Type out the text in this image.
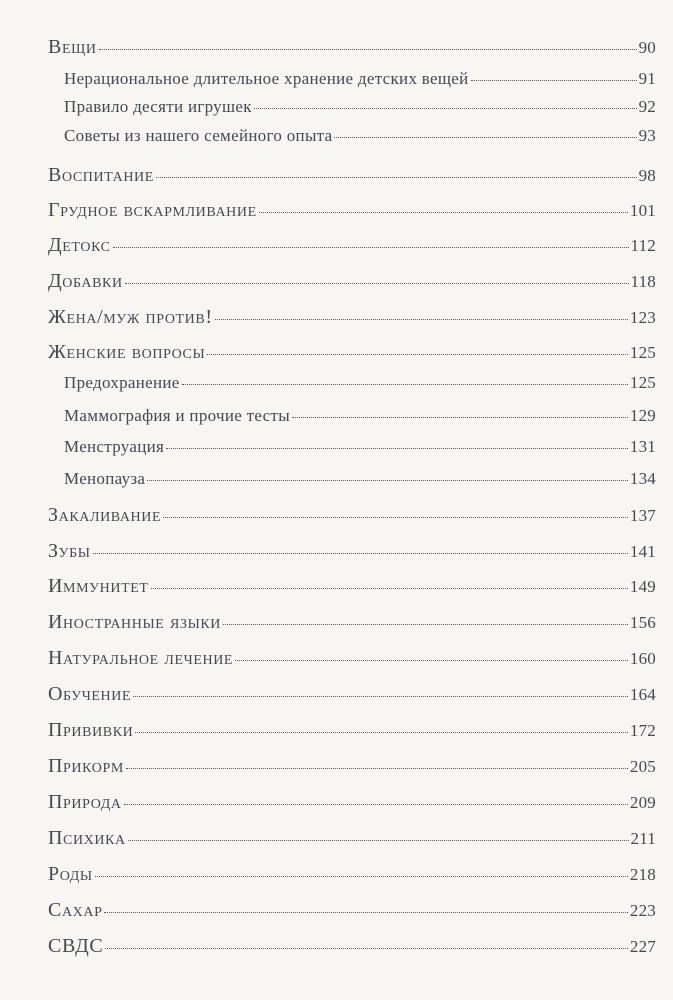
Вещи	90
Нерациональное длительное хранение детских вещей	91
Правило десяти игрушек	92
Советы из нашего семейного опыта	93
Воспитание	98
Грудное вскармливание	101
Детокс	112
Добавки	118
Жена/муж против!	123
Женские вопросы	125
Предохранение	125
Маммография и прочие тесты	129
Менструация	131
Менопауза	134
Закаливание	137
Зубы	141
Иммунитет	149
Иностранные языки	156
Натуральное лечение	160
Обучение	164
Прививки	172
Прикорм	205
Природа	209
Психика	211
Роды	218
Сахар	223
СВДС	227
